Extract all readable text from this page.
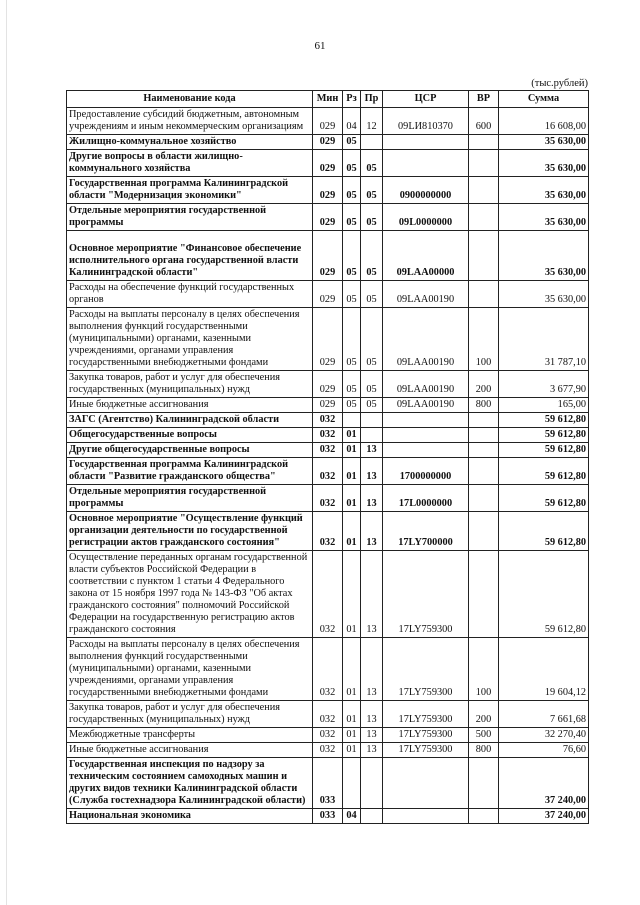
61
(тыс.рублей)
Наименование кода	Мин	Рз	Пр	ЦСР	ВР	Сумма
Предоставление субсидий бюджетным, автономным учреждениям и иным некоммерческим организациям	029	04	12	09LИ810370	600	16 608,00
Жилищно-коммунальное хозяйство	029	05				35 630,00
Другие вопросы в области жилищно-коммунального хозяйства	029	05	05			35 630,00
Государственная программа Калининградской области "Модернизация экономики"	029	05	05	0900000000		35 630,00
Отдельные мероприятия государственной программы	029	05	05	09L0000000		35 630,00
Основное мероприятие "Финансовое обеспечение исполнительного органа государственной власти Калининградской области"	029	05	05	09LAA00000		35 630,00
Расходы на обеспечение функций государственных органов	029	05	05	09LAA00190		35 630,00
Расходы на выплаты персоналу в целях обеспечения выполнения функций государственными (муниципальными) органами, казенными учреждениями, органами управления государственными внебюджетными фондами	029	05	05	09LAA00190	100	31 787,10
Закупка товаров, работ и услуг для обеспечения государственных (муниципальных) нужд	029	05	05	09LAA00190	200	3 677,90
Иные бюджетные ассигнования	029	05	05	09LAA00190	800	165,00
ЗАГС (Агентство) Калининградской области	032					59 612,80
Общегосударственные вопросы	032	01				59 612,80
Другие общегосударственные вопросы	032	01	13			59 612,80
Государственная программа Калининградской области "Развитие гражданского общества"	032	01	13	1700000000		59 612,80
Отдельные мероприятия государственной программы	032	01	13	17L0000000		59 612,80
Основное мероприятие "Осуществление функций организации деятельности по государственной регистрации актов гражданского состояния"	032	01	13	17LY700000		59 612,80
Осуществление переданных органам государственной власти субъектов Российской Федерации в соответствии с пунктом 1 статьи 4 Федерального закона от 15 ноября 1997 года № 143-ФЗ "Об актах гражданского состояния" полномочий Российской Федерации на государственную регистрацию актов гражданского состояния	032	01	13	17LY759300		59 612,80
Расходы на выплаты персоналу в целях обеспечения выполнения функций государственными (муниципальными) органами, казенными учреждениями, органами управления государственными внебюджетными фондами	032	01	13	17LY759300	100	19 604,12
Закупка товаров, работ и услуг для обеспечения государственных (муниципальных) нужд	032	01	13	17LY759300	200	7 661,68
Межбюджетные трансферты	032	01	13	17LY759300	500	32 270,40
Иные бюджетные ассигнования	032	01	13	17LY759300	800	76,60
Государственная инспекция по надзору за техническим состоянием самоходных машин и других видов техники Калининградской области (Служба гостехнадзора Калининградской области)	033					37 240,00
Национальная экономика	033	04				37 240,00
